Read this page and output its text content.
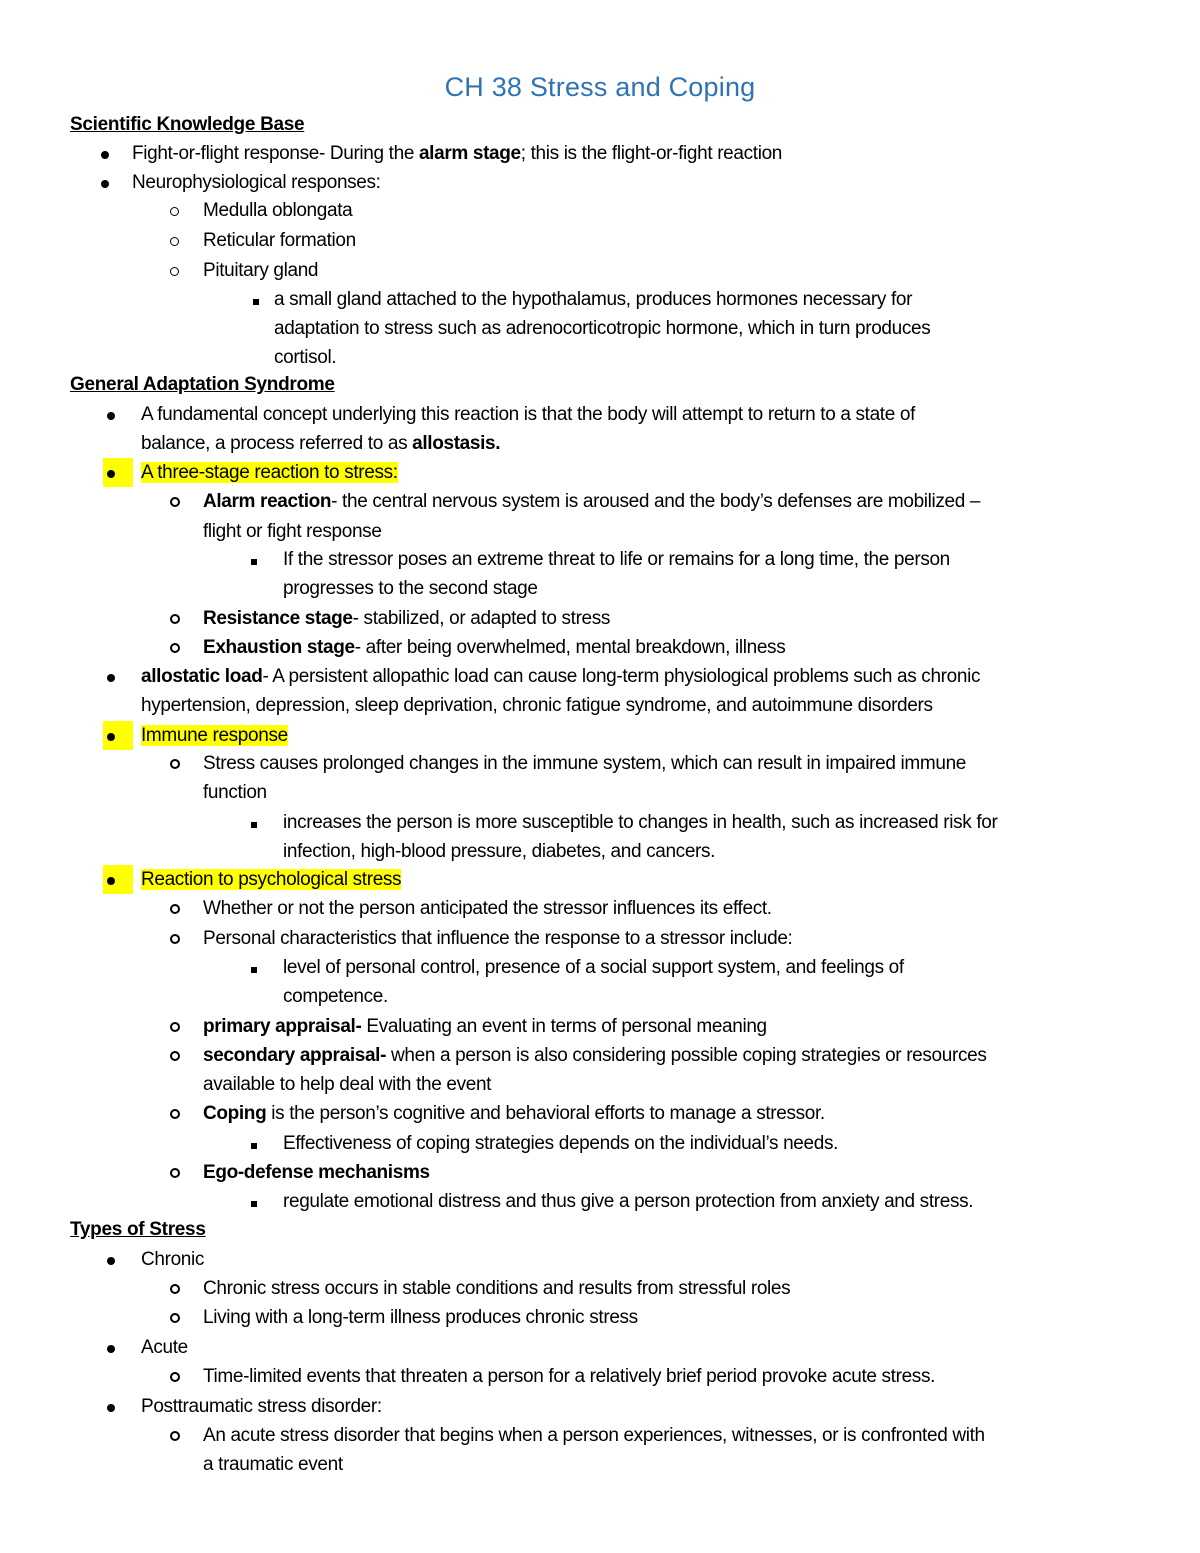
CH 38 Stress and Coping
Scientific Knowledge Base
Fight-or-flight response- During the alarm stage; this is the flight-or-fight reaction
Neurophysiological responses:
Medulla oblongata
Reticular formation
Pituitary gland
a small gland attached to the hypothalamus, produces hormones necessary for
adaptation to stress such as adrenocorticotropic hormone, which in turn produces
cortisol.
General Adaptation Syndrome
A fundamental concept underlying this reaction is that the body will attempt to return to a state of
balance, a process referred to as allostasis.

A three-stage reaction to stress:
Alarm reaction- the central nervous system is aroused and the body’s defenses are mobilized –
flight or fight response
If the stressor poses an extreme threat to life or remains for a long time, the person
progresses to the second stage
Resistance stage- stabilized, or adapted to stress
Exhaustion stage- after being overwhelmed, mental breakdown, illness
allostatic load- A persistent allopathic load can cause long-term physiological problems such as chronic
hypertension, depression, sleep deprivation, chronic fatigue syndrome, and autoimmune disorders

Immune response
Stress causes prolonged changes in the immune system, which can result in impaired immune
function
increases the person is more susceptible to changes in health, such as increased risk for
infection, high-blood pressure, diabetes, and cancers.

Reaction to psychological stress
Whether or not the person anticipated the stressor influences its effect.
Personal characteristics that influence the response to a stressor include:
level of personal control, presence of a social support system, and feelings of
competence.
primary appraisal- Evaluating an event in terms of personal meaning
secondary appraisal- when a person is also considering possible coping strategies or resources
available to help deal with the event
Coping is the person’s cognitive and behavioral efforts to manage a stressor.
Effectiveness of coping strategies depends on the individual’s needs.
Ego-defense mechanisms
regulate emotional distress and thus give a person protection from anxiety and stress.
Types of Stress
Chronic
Chronic stress occurs in stable conditions and results from stressful roles
Living with a long-term illness produces chronic stress
Acute
Time-limited events that threaten a person for a relatively brief period provoke acute stress.
Posttraumatic stress disorder:
An acute stress disorder that begins when a person experiences, witnesses, or is confronted with
a traumatic event
